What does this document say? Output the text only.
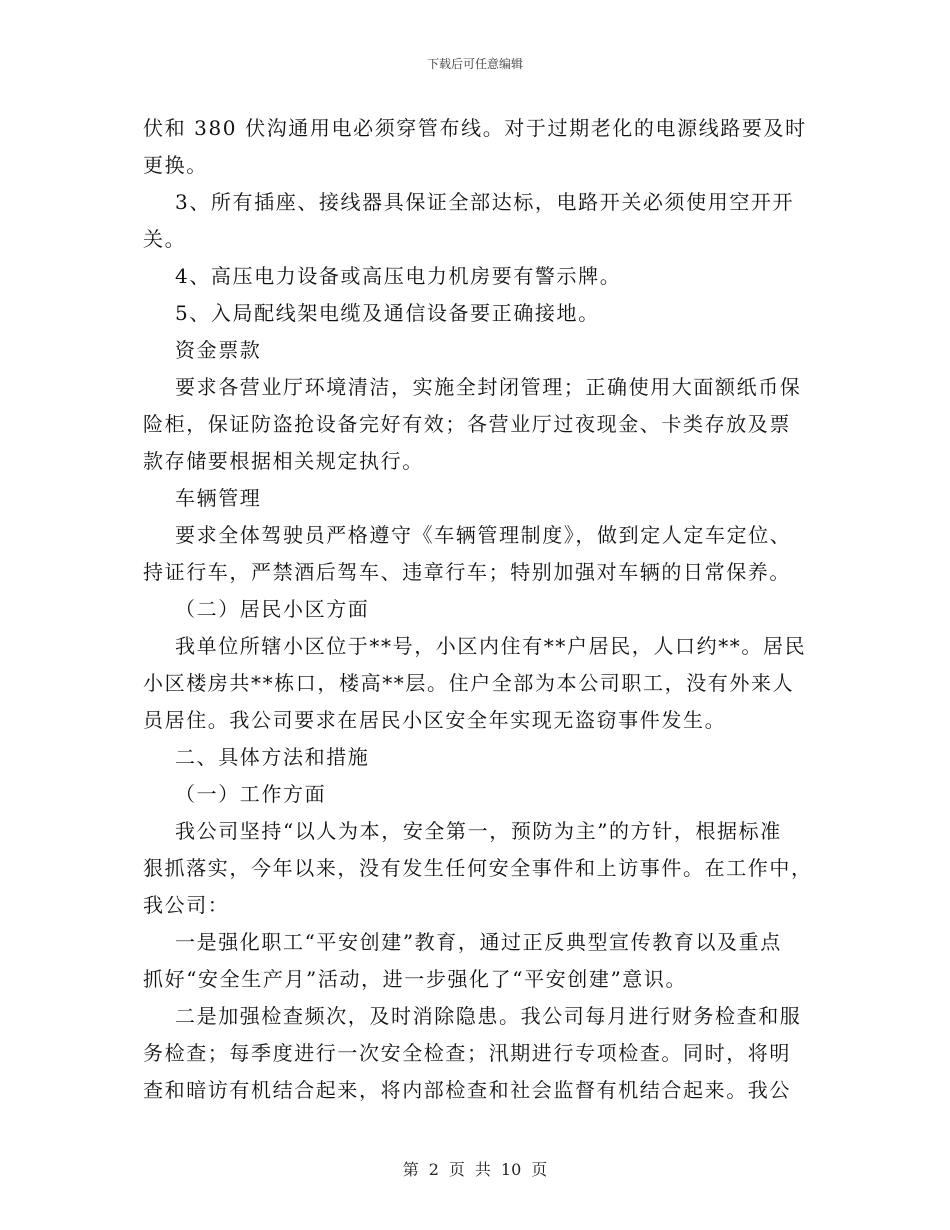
下载后可任意编辑
伏和 380 伏沟通用电必须穿管布线。对于过期老化的电源线路要及时
更换。
3、所有插座、接线器具保证全部达标，电路开关必须使用空开开
关。
4、高压电力设备或高压电力机房要有警示牌。
5、入局配线架电缆及通信设备要正确接地。
资金票款
要求各营业厅环境清洁，实施全封闭管理；正确使用大面额纸币保
险柜，保证防盗抢设备完好有效；各营业厅过夜现金、卡类存放及票
款存储要根据相关规定执行。
车辆管理
要求全体驾驶员严格遵守《车辆管理制度》，做到定人定车定位、
持证行车，严禁酒后驾车、违章行车；特别加强对车辆的日常保养。
（二）居民小区方面
我单位所辖小区位于**号，小区内住有**户居民，人口约**。居民
小区楼房共**栋口，楼高**层。住户全部为本公司职工，没有外来人
员居住。我公司要求在居民小区安全年实现无盗窃事件发生。
二、具体方法和措施
（一）工作方面
我公司坚持“以人为本，安全第一，预防为主”的方针，根据标准
狠抓落实，今年以来，没有发生任何安全事件和上访事件。在工作中，
我公司：
一是强化职工“平安创建”教育，通过正反典型宣传教育以及重点
抓好“安全生产月”活动，进一步强化了“平安创建”意识。
二是加强检查频次，及时消除隐患。我公司每月进行财务检查和服
务检查；每季度进行一次安全检查；汛期进行专项检查。同时，将明
查和暗访有机结合起来，将内部检查和社会监督有机结合起来。我公
第 2 页 共 10 页
